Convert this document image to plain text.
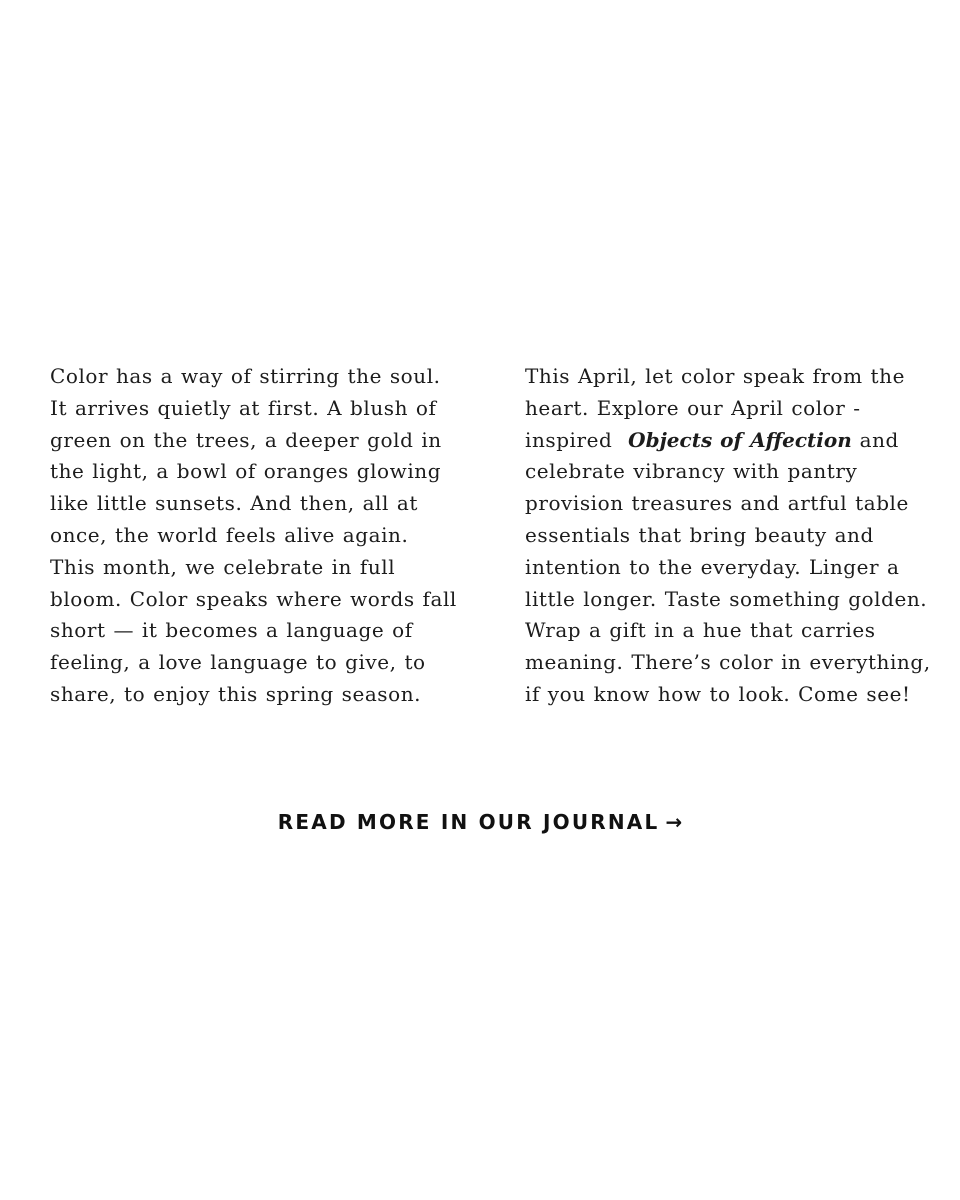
Color has a way of stirring the soul.
It arrives quietly at first. A blush of
green on the trees, a deeper gold in
the light, a bowl of oranges glowing
like little sunsets. And then, all at
once, the world feels alive again.
This month, we celebrate in full
bloom. Color speaks where words fall
short — it becomes a language of
feeling, a love language to give, to
share, to enjoy this spring season.

This April, let color speak from the
heart. Explore our April color -
inspired  Objects of Affection and
celebrate vibrancy with pantry
provision treasures and artful table
essentials that bring beauty and
intention to the everyday. Linger a
little longer. Taste something golden.
Wrap a gift in a hue that carries
meaning. There’s color in everything,
if you know how to look. Come see!

READ MORE IN OUR JOURNAL →
